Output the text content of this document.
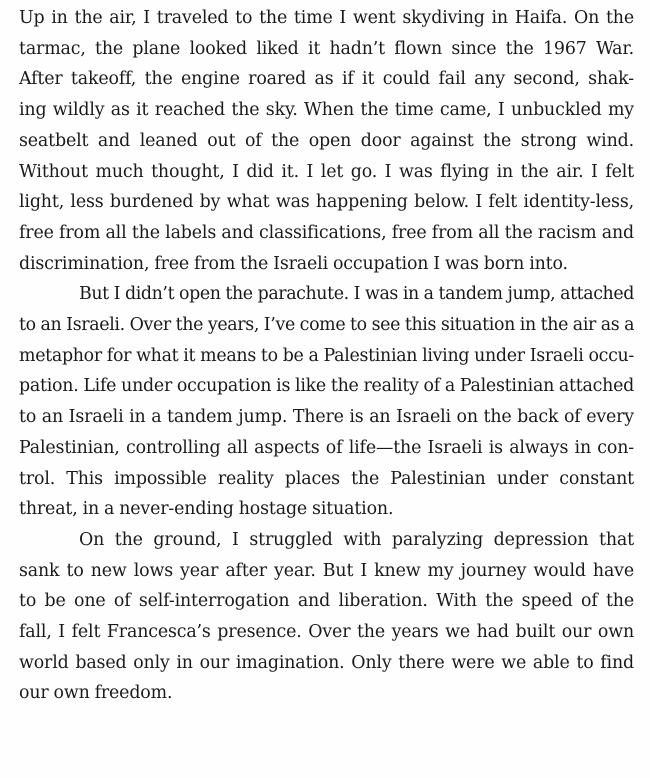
Up in the air, I traveled to the time I went skydiving in Haifa. On the
tarmac, the plane looked liked it hadn’t flown since the 1967 War.
After takeoff, the engine roared as if it could fail any second, shak-
ing wildly as it reached the sky. When the time came, I unbuckled my
seatbelt and leaned out of the open door against the strong wind.
Without much thought, I did it. I let go. I was flying in the air. I felt
light, less burdened by what was happening below. I felt identity-less,
free from all the labels and classifications, free from all the racism and
discrimination, free from the Israeli occupation I was born into.

But I didn’t open the parachute. I was in a tandem jump, attached
to an Israeli. Over the years, I’ve come to see this situation in the air as a
metaphor for what it means to be a Palestinian living under Israeli occu-
pation. Life under occupation is like the reality of a Palestinian attached
to an Israeli in a tandem jump. There is an Israeli on the back of every
Palestinian, controlling all aspects of life—the Israeli is always in con-
trol. This impossible reality places the Palestinian under constant
threat, in a never-ending hostage situation.

On the ground, I struggled with paralyzing depression that
sank to new lows year after year. But I knew my journey would have
to be one of self-interrogation and liberation. With the speed of the
fall, I felt Francesca’s presence. Over the years we had built our own
world based only in our imagination. Only there were we able to find
our own freedom.
